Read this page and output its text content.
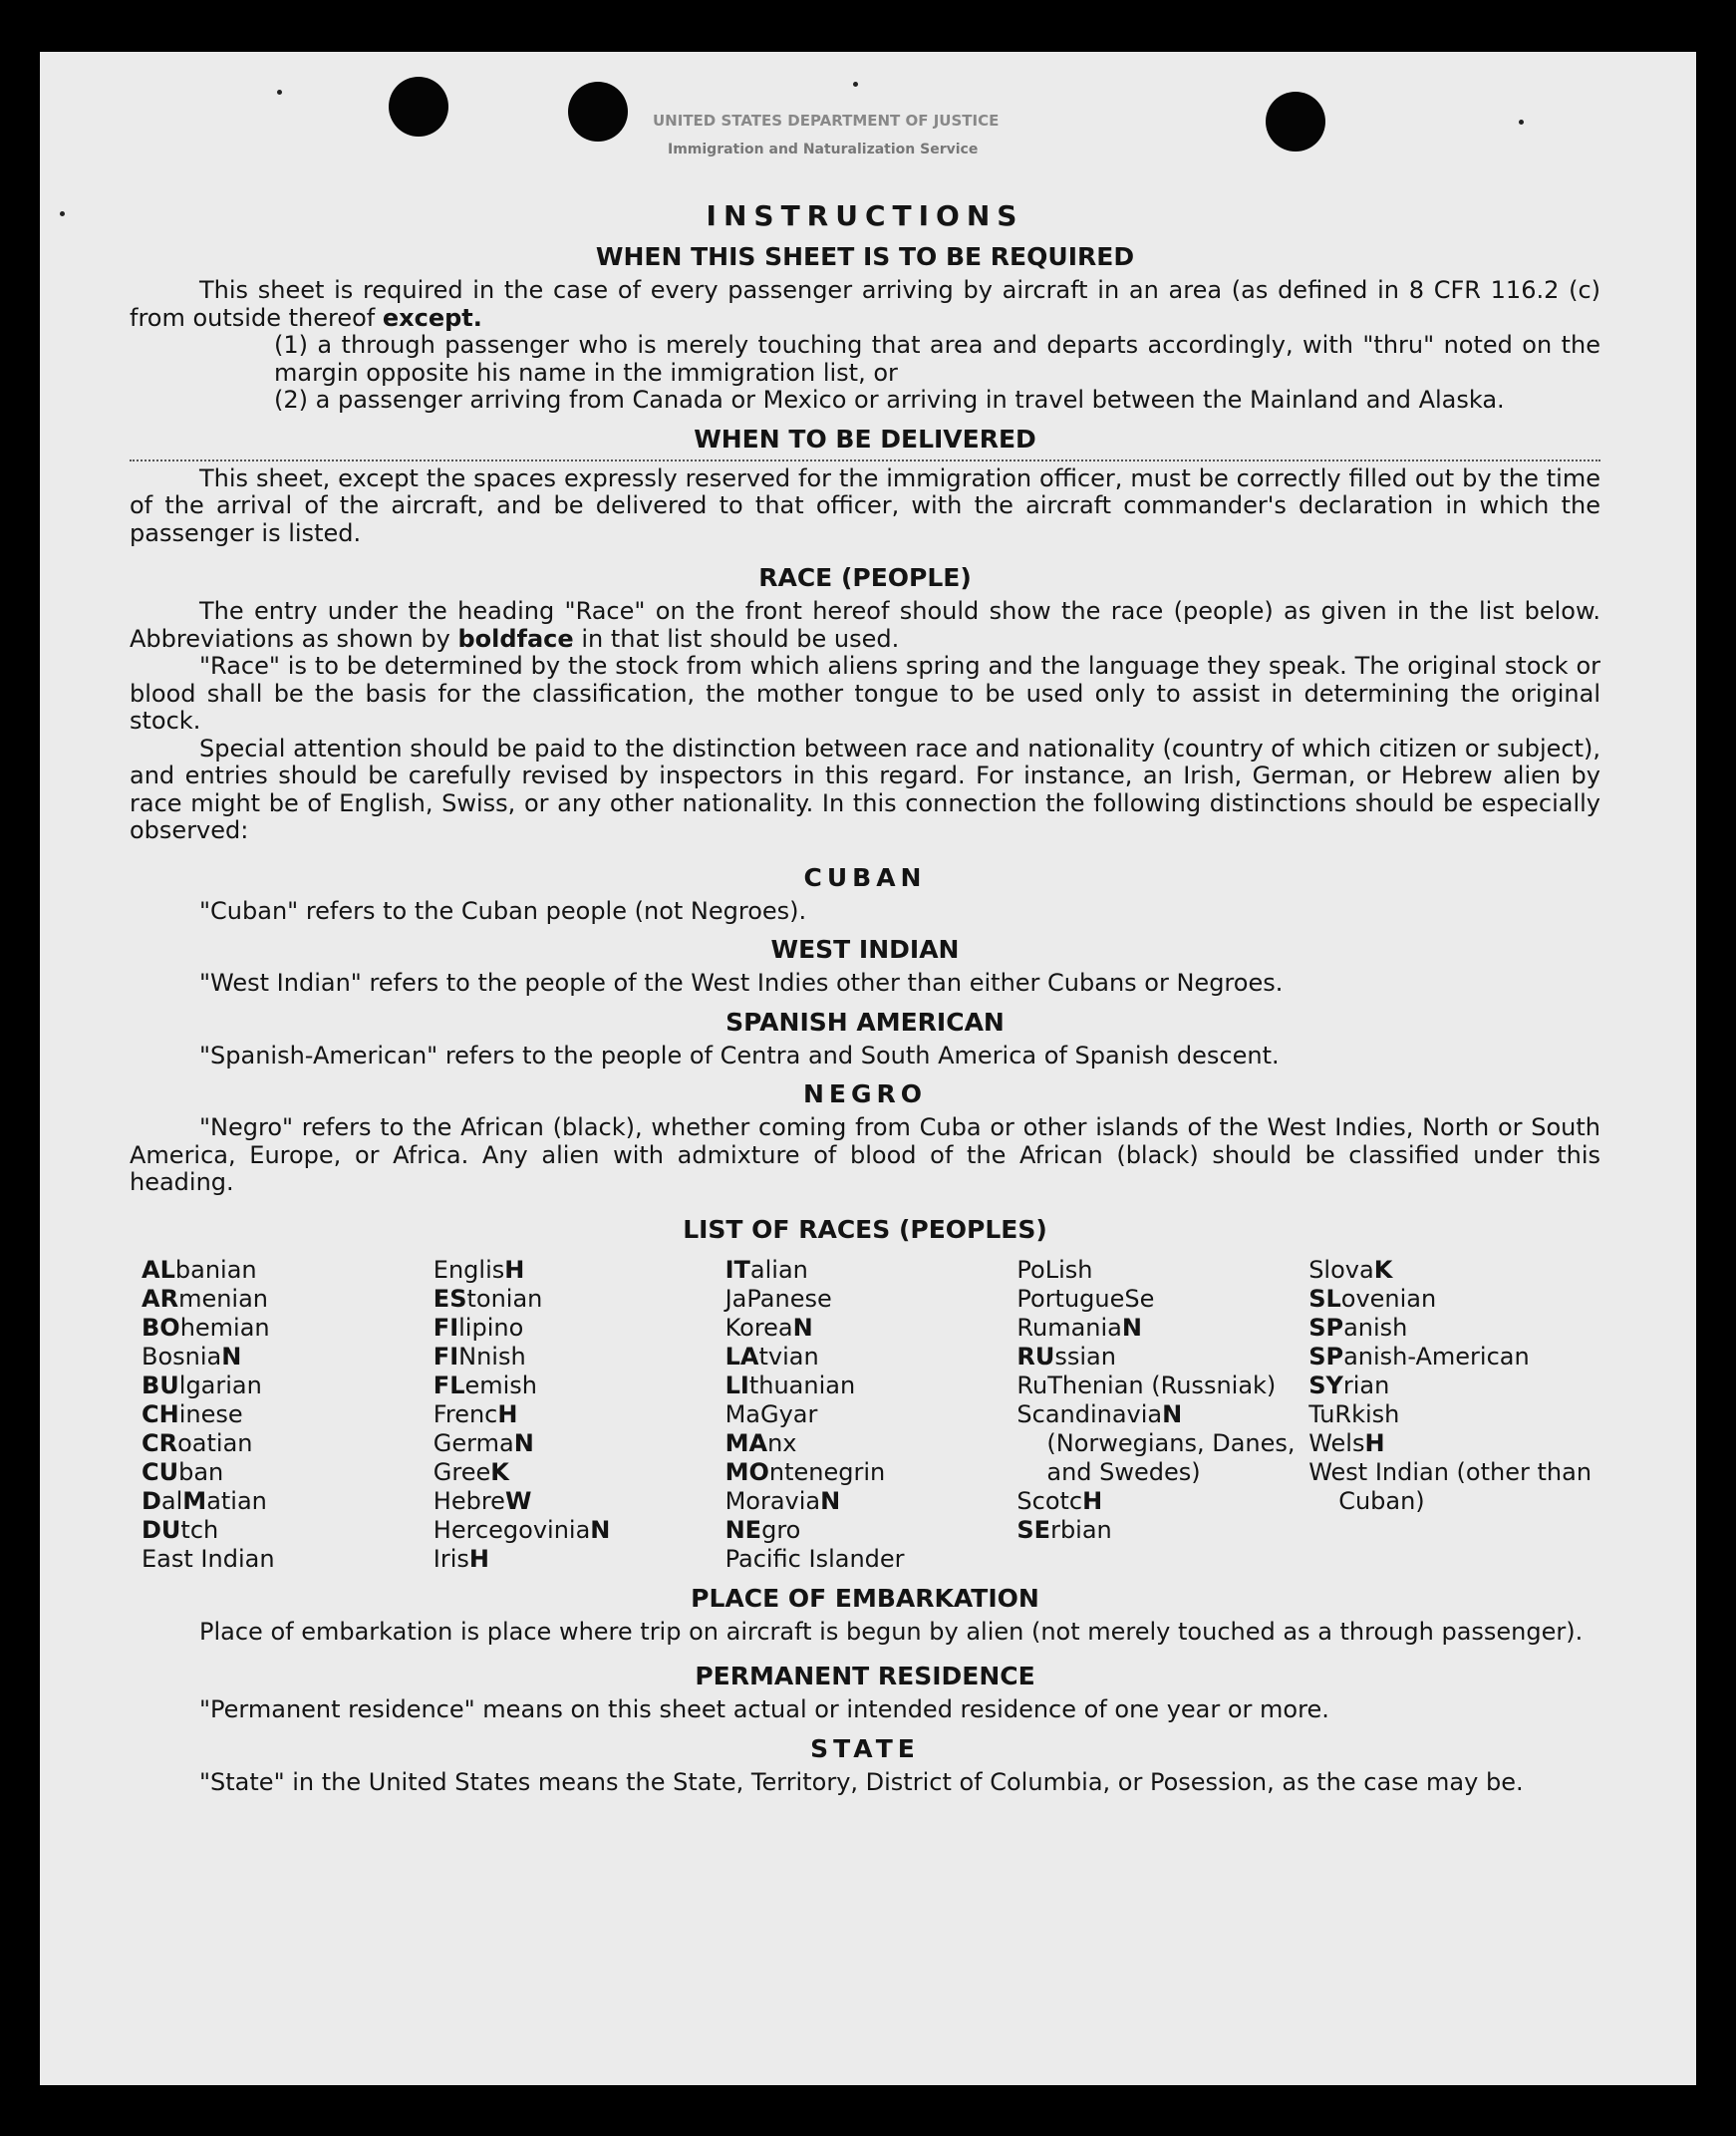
UNITED STATES DEPARTMENT OF JUSTICE
Immigration and Naturalization Service
INSTRUCTIONS
WHEN THIS SHEET IS TO BE REQUIRED

This sheet is required in the case of every passenger arriving by aircraft in an area (as defined in 8 CFR 116.2 (c) from outside thereof except.

(1) a through passenger who is merely touching that area and departs accordingly, with "thru" noted on the margin opposite his name in the immigration list, or

(2) a passenger arriving from Canada or Mexico or arriving in travel between the Mainland and Alaska.

WHEN TO BE DELIVERED

This sheet, except the spaces expressly reserved for the immigration officer, must be correctly filled out by the time of the arrival of the aircraft, and be delivered to that officer, with the aircraft commander's declaration in which the passenger is listed.

RACE (PEOPLE)

The entry under the heading "Race" on the front hereof should show the race (people) as given in the list below. Abbreviations as shown by boldface in that list should be used.

"Race" is to be determined by the stock from which aliens spring and the language they speak. The original stock or blood shall be the basis for the classification, the mother tongue to be used only to assist in determining the original stock.

Special attention should be paid to the distinction between race and nationality (country of which citizen or subject), and entries should be carefully revised by inspectors in this regard. For instance, an Irish, German, or Hebrew alien by race might be of English, Swiss, or any other nationality. In this connection the following distinctions should be especially observed:

CUBAN

"Cuban" refers to the Cuban people (not Negroes).

WEST INDIAN

"West Indian" refers to the people of the West Indies other than either Cubans or Negroes.

SPANISH AMERICAN

"Spanish-American" refers to the people of Centra and South America of Spanish descent.

NEGRO

"Negro" refers to the African (black), whether coming from Cuba or other islands of the West Indies, North or South America, Europe, or Africa. Any alien with admixture of blood of the African (black) should be classified under this heading.

LIST OF RACES (PEOPLES)
ALbanian
ARmenian
BOhemian
BosniaN
BUlgarian
CHinese
CRoatian
CUban
DalMatian
DUtch
East Indian
EnglisH
EStonian
FIlipino
FINnish
FLemish
FrencH
GermaN
GreeK
HebreW
HercegoviniaN
IrisH
ITalian
JaPanese
KoreaN
LAtvian
LIthuanian
MaGyar
MAnx
MOntenegrin
MoraviaN
NEgro
Pacific Islander
PoLish
PortugueSe
RumaniaN
RUssian
RuThenian (Russniak)
ScandinaviaN (Norwegians, Danes, and Swedes)
ScotcH
SErbian
SlovaK
SLovenian
SPanish
SPanish-American
SYrian
TuRkish
WelsH
West Indian (other than Cuban)
PLACE OF EMBARKATION

Place of embarkation is place where trip on aircraft is begun by alien (not merely touched as a through passenger).

PERMANENT RESIDENCE

"Permanent residence" means on this sheet actual or intended residence of one year or more.

STATE

"State" in the United States means the State, Territory, District of Columbia, or Posession, as the case may be.
